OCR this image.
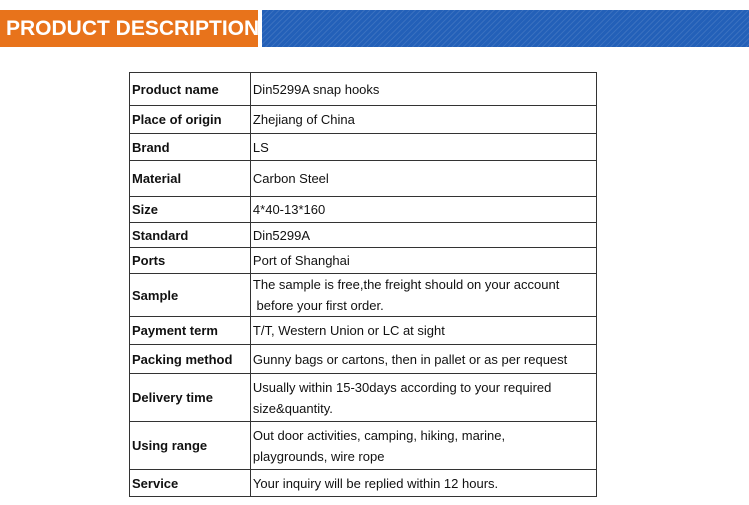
PRODUCT DESCRIPTION
Product name	Din5299A snap hooks
Place of origin	Zhejiang of China
Brand	LS
Material	Carbon Steel
Size	4*40-13*160
Standard	Din5299A
Ports	Port of Shanghai
Sample	The sample is free,the freight should on your account
before your first order.

Payment term	T/T, Western Union or LC at sight
Packing method	Gunny bags or cartons, then in pallet or as per request
Delivery time	Usually within 15-30days according to your required
size&quantity.

Using range	Out door activities, camping, hiking, marine,
playgrounds, wire rope

Service	Your inquiry will be replied within 12 hours.
